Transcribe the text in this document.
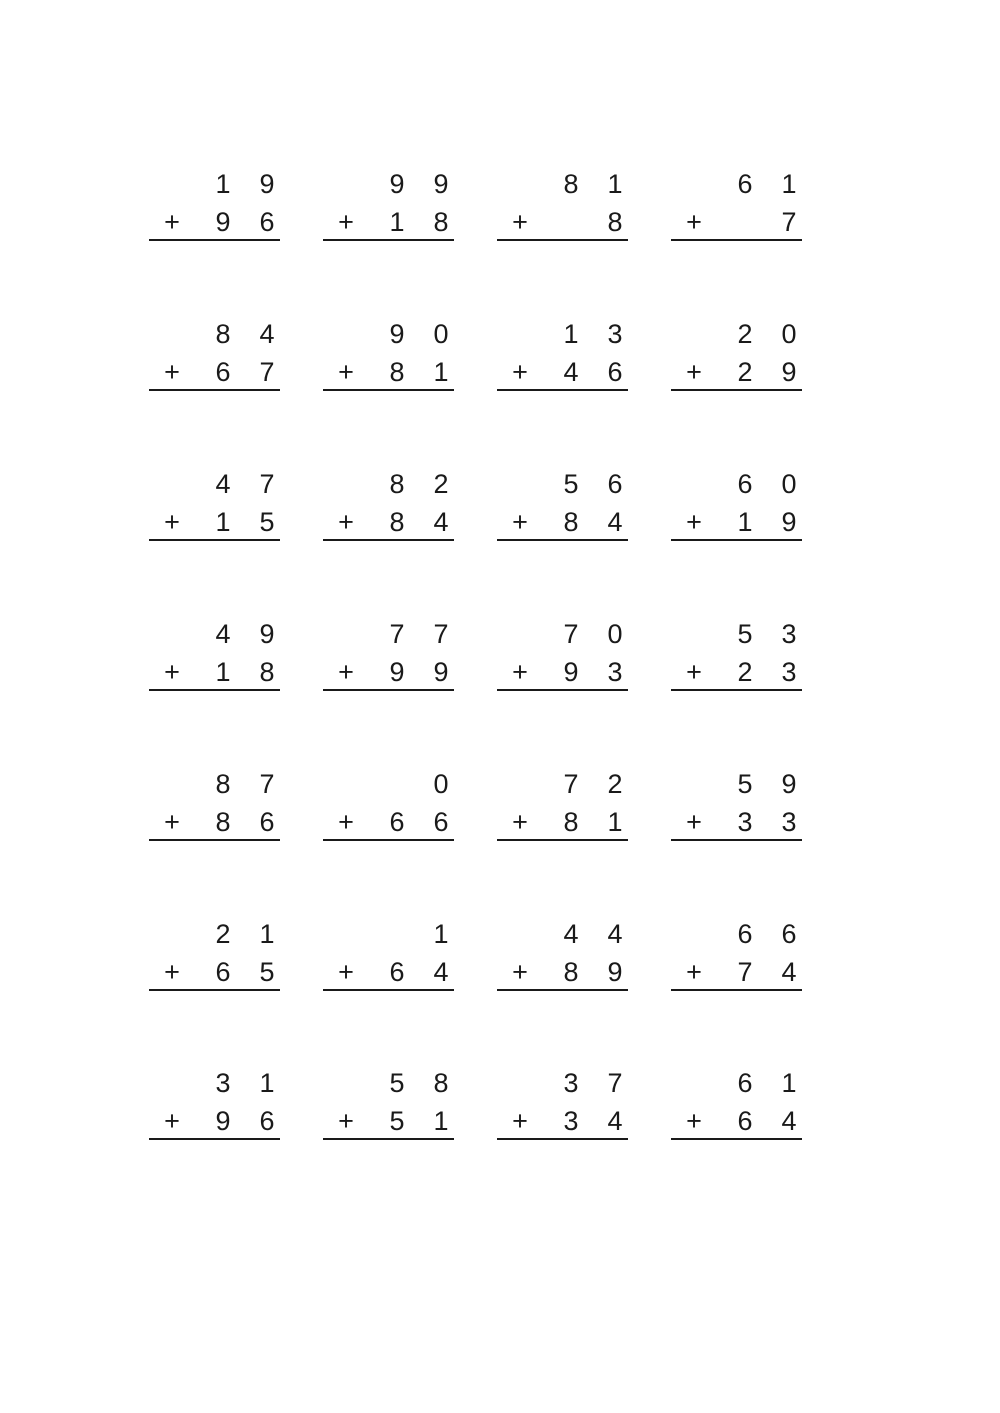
1 9
+ 9 6
9 9
+ 1 8
8 1
+	8
6 1
+	7
8 4
+ 6 7
9 0
+ 8 1
1 3
+ 4 6
2 0
+ 2 9
4 7
+ 1 5
8 2
+ 8 4
5 6
+ 8 4
6 0
+ 1 9
4 9
+ 1 8
7 7
+ 9 9
7 0
+ 9 3
5 3
+ 2 3
8 7
+ 8 6
0
+ 6 6
7 2
+ 8 1
5 9
+ 3 3
2 1
+ 6 5
1
+ 6 4
4 4
+ 8 9
6 6
+ 7 4
3 1
+ 9 6
5 8
+ 5 1
3 7
+ 3 4
6 1
+ 6 4
